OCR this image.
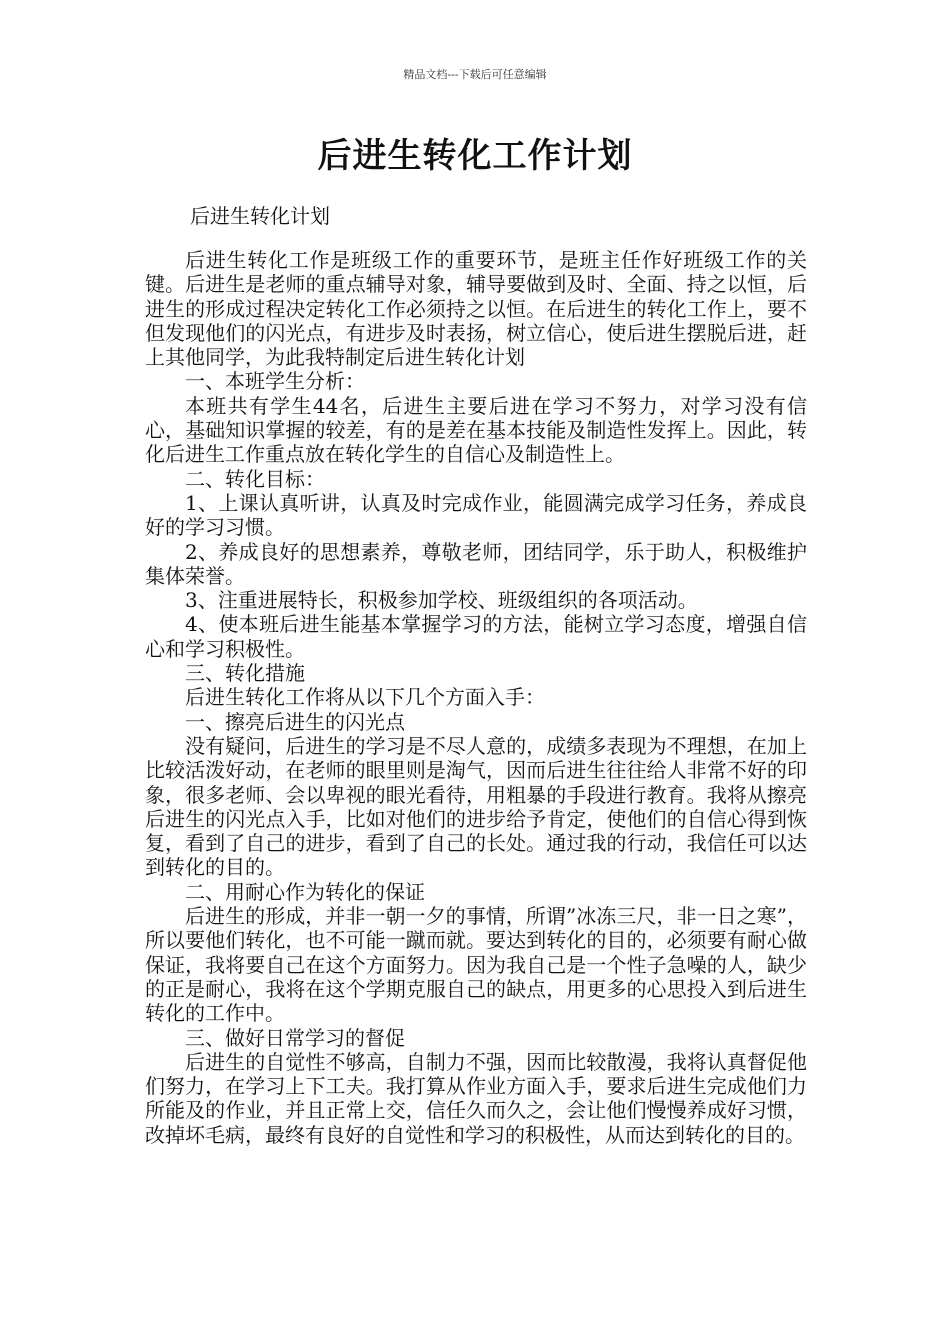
精品文档---下载后可任意编辑
后进生转化工作计划
后进生转化计划

后进生转化工作是班级工作的重要环节，是班主任作好班级工作的关键。后进生是老师的重点辅导对象，辅导要做到及时、全面、持之以恒，后进生的形成过程决定转化工作必须持之以恒。在后进生的转化工作上，要不但发现他们的闪光点，有进步及时表扬，树立信心，使后进生摆脱后进，赶上其他同学，为此我特制定后进生转化计划

一、本班学生分析：

本班共有学生44名，后进生主要后进在学习不努力，对学习没有信心，基础知识掌握的较差，有的是差在基本技能及制造性发挥上。因此，转化后进生工作重点放在转化学生的自信心及制造性上。

二、转化目标：

1、上课认真听讲，认真及时完成作业，能圆满完成学习任务，养成良好的学习习惯。

2、养成良好的思想素养，尊敬老师，团结同学，乐于助人，积极维护集体荣誉。

3、注重进展特长，积极参加学校、班级组织的各项活动。

4、使本班后进生能基本掌握学习的方法，能树立学习态度，增强自信心和学习积极性。

三、转化措施

后进生转化工作将从以下几个方面入手：

一、擦亮后进生的闪光点

没有疑问，后进生的学习是不尽人意的，成绩多表现为不理想，在加上比较活泼好动，在老师的眼里则是淘气，因而后进生往往给人非常不好的印象，很多老师、会以卑视的眼光看待，用粗暴的手段进行教育。我将从擦亮后进生的闪光点入手，比如对他们的进步给予肯定，使他们的自信心得到恢复，看到了自己的进步，看到了自己的长处。通过我的行动，我信任可以达到转化的目的。

二、用耐心作为转化的保证

后进生的形成，并非一朝一夕的事情，所谓”冰冻三尺，非一日之寒”，所以要他们转化，也不可能一蹴而就。要达到转化的目的，必须要有耐心做保证，我将要自己在这个方面努力。因为我自己是一个性子急噪的人，缺少的正是耐心，我将在这个学期克服自己的缺点，用更多的心思投入到后进生转化的工作中。

三、做好日常学习的督促

后进生的自觉性不够高，自制力不强，因而比较散漫，我将认真督促他们努力，在学习上下工夫。我打算从作业方面入手，要求后进生完成他们力所能及的作业，并且正常上交，信任久而久之，会让他们慢慢养成好习惯，改掉坏毛病，最终有良好的自觉性和学习的积极性，从而达到转化的目的。
